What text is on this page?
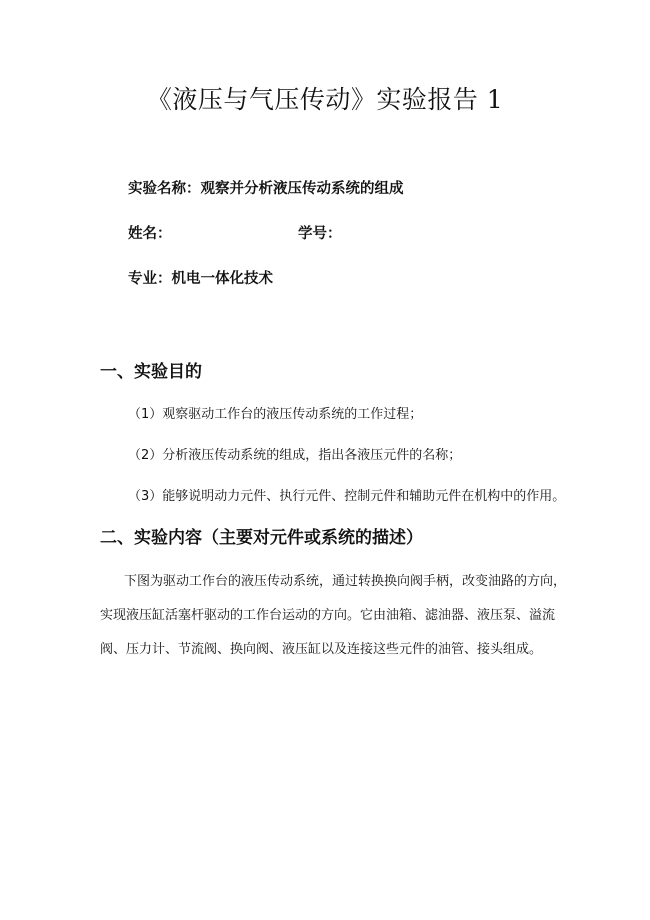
《液压与气压传动》实验报告 1
实验名称：观察并分析液压传动系统的组成
姓名：	学号：
专业：机电一体化技术
一、实验目的
（1）观察驱动工作台的液压传动系统的工作过程；
（2）分析液压传动系统的组成，指出各液压元件的名称；
（3）能够说明动力元件、执行元件、控制元件和辅助元件在机构中的作用。
二、实验内容（主要对元件或系统的描述）
下图为驱动工作台的液压传动系统，通过转换换向阀手柄，改变油路的方向，
实现液压缸活塞杆驱动的工作台运动的方向。它由油箱、滤油器、液压泵、溢流
阀、压力计、节流阀、换向阀、液压缸以及连接这些元件的油管、接头组成。
